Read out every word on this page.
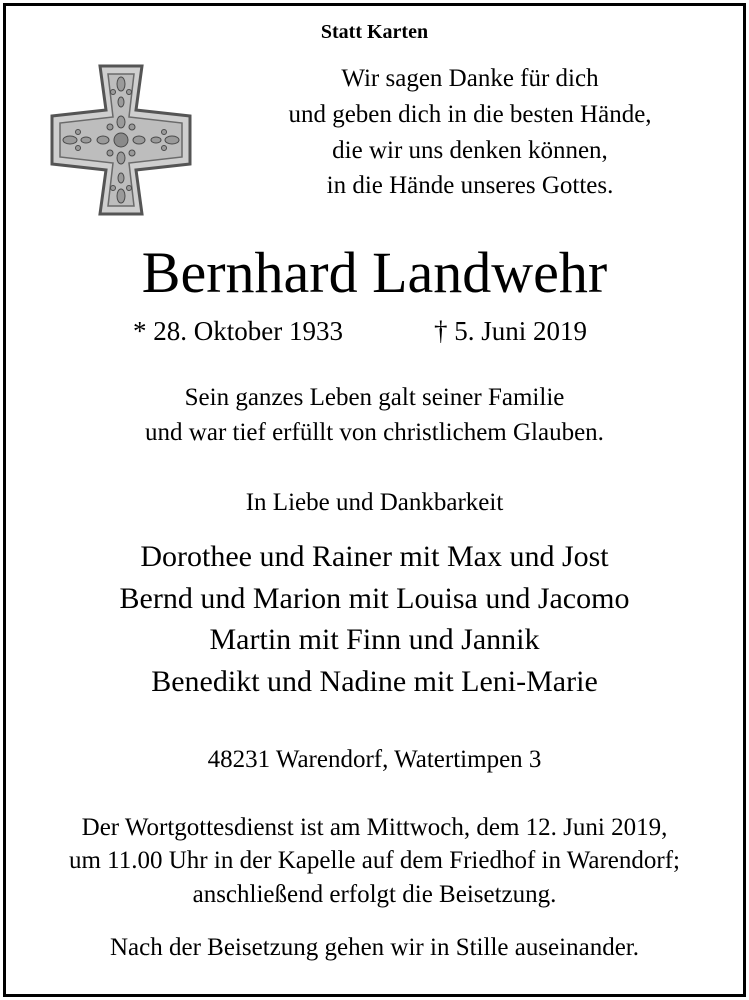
Statt Karten
Wir sagen Danke für dich
und geben dich in die besten Hände,
die wir uns denken können,
in die Hände unseres Gottes.
Bernhard Landwehr
* 28. Oktober 1933	† 5. Juni 2019
Sein ganzes Leben galt seiner Familie
und war tief erfüllt von christlichem Glauben.
In Liebe und Dankbarkeit
Dorothee und Rainer mit Max und Jost
Bernd und Marion mit Louisa und Jacomo
Martin mit Finn und Jannik
Benedikt und Nadine mit Leni-Marie
48231 Warendorf, Watertimpen 3
Der Wortgottesdienst ist am Mittwoch, dem 12. Juni 2019,
um 11.00 Uhr in der Kapelle auf dem Friedhof in Warendorf;
anschließend erfolgt die Beisetzung.
Nach der Beisetzung gehen wir in Stille auseinander.
